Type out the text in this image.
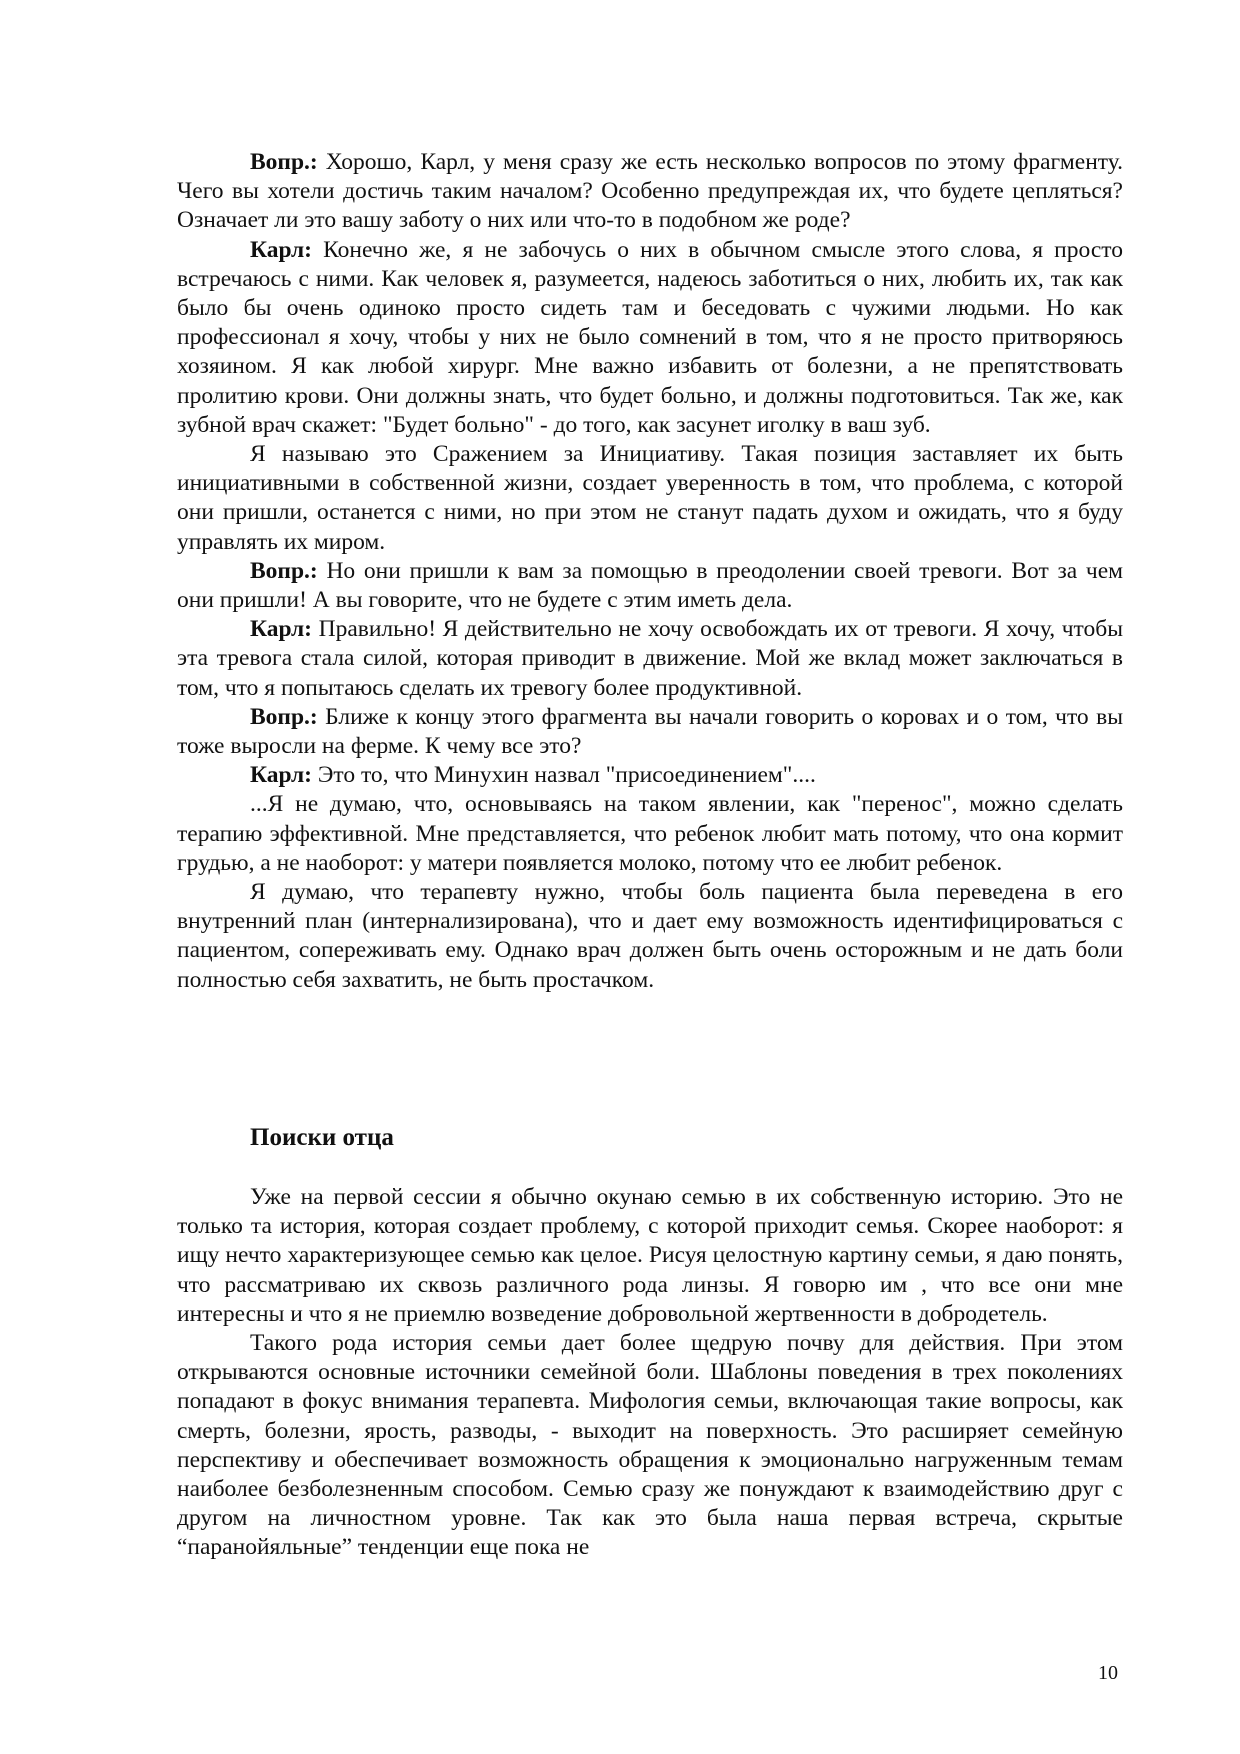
Вопр.: Хорошо, Карл, у меня сразу же есть несколько вопросов по этому фрагменту. Чего вы хотели достичь таким началом? Особенно предупреждая их, что будете цепляться? Означает ли это вашу заботу о них или что-то в подобном же роде?

Карл: Конечно же, я не забочусь о них в обычном смысле этого слова, я просто встречаюсь с ними. Как человек я, разумеется, надеюсь заботиться о них, любить их, так как было бы очень одиноко просто сидеть там и беседовать с чужими людьми. Но как профессионал я хочу, чтобы у них не было сомнений в том, что я не просто притворяюсь хозяином. Я как любой хирург. Мне важно избавить от болезни, а не препятствовать пролитию крови. Они должны знать, что будет больно, и должны подготовиться. Так же, как зубной врач скажет: "Будет больно" - до того, как засунет иголку в ваш зуб.

Я называю это Сражением за Инициативу. Такая позиция заставляет их быть инициативными в собственной жизни, создает уверенность в том, что проблема, с которой они пришли, останется с ними, но при этом не станут падать духом и ожидать, что я буду управлять их миром.

Вопр.: Но они пришли к вам за помощью в преодолении своей тревоги. Вот за чем они пришли! А вы говорите, что не будете с этим иметь дела.

Карл: Правильно! Я действительно не хочу освобождать их от тревоги. Я хочу, чтобы эта тревога стала силой, которая приводит в движение. Мой же вклад может заключаться в том, что я попытаюсь сделать их тревогу более продуктивной.

Вопр.: Ближе к концу этого фрагмента вы начали говорить о коровах и о том, что вы тоже выросли на ферме. К чему все это?

Карл: Это то, что Минухин назвал "присоединением"....

...Я не думаю, что, основываясь на таком явлении, как "перенос", можно сделать терапию эффективной. Мне представляется, что ребенок любит мать потому, что она кормит грудью, а не наоборот: у матери появляется молоко, потому что ее любит ребенок.

Я думаю, что терапевту нужно, чтобы боль пациента была переведена в его внутренний план (интернализирована), что и дает ему возможность идентифицироваться с пациентом, сопереживать ему. Однако врач должен быть очень осторожным и не дать боли полностью себя захватить, не быть простачком.

Поиски отца

Уже на первой сессии я обычно окунаю семью в их собственную историю. Это не только та история, которая создает проблему, с которой приходит семья. Скорее наоборот: я ищу нечто характеризующее семью как целое. Рисуя целостную картину семьи, я даю понять, что рассматриваю их сквозь различного рода линзы. Я говорю им , что все они мне интересны и что я не приемлю возведение добровольной жертвенности в добродетель.

Такого рода история семьи дает более щедрую почву для действия. При этом открываются основные источники семейной боли. Шаблоны поведения в трех поколениях попадают в фокус внимания терапевта. Мифология семьи, включающая такие вопросы, как смерть, болезни, ярость, разводы, - выходит на поверхность. Это расширяет семейную перспективу и обеспечивает возможность обращения к эмоционально нагруженным темам наиболее безболезненным способом. Семью сразу же понуждают к взаимодействию друг с другом на личностном уровне. Так как это была наша первая встреча, скрытые “паранойяльные” тенденции еще пока не

10
